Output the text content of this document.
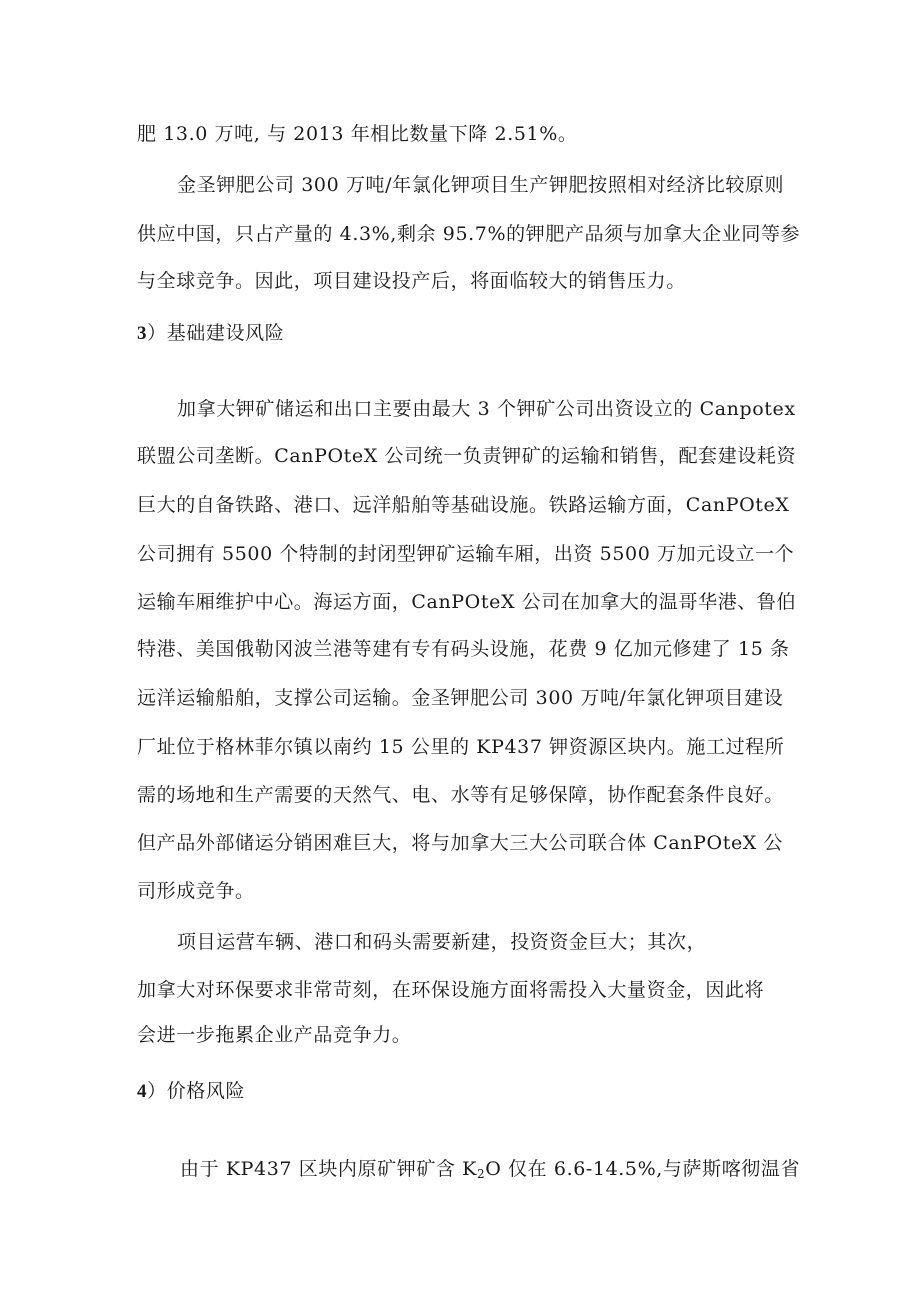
肥 13.0 万吨, 与 2013 年相比数量下降 2.51%。
金圣钾肥公司 300 万吨/年氯化钾项目生产钾肥按照相对经济比较原则
供应中国，只占产量的 4.3%,剩余 95.7%的钾肥产品须与加拿大企业同等参
与全球竞争。因此，项目建设投产后，将面临较大的销售压力。
3）基础建设风险
加拿大钾矿储运和出口主要由最大 3 个钾矿公司出资设立的 Canpotex
联盟公司垄断。CanPOteX 公司统一负责钾矿的运输和销售，配套建设耗资
巨大的自备铁路、港口、远洋船舶等基础设施。铁路运输方面，CanPOteX
公司拥有 5500 个特制的封闭型钾矿运输车厢，出资 5500 万加元设立一个
运输车厢维护中心。海运方面，CanPOteX 公司在加拿大的温哥华港、鲁伯
特港、美国俄勒冈波兰港等建有专有码头设施，花费 9 亿加元修建了 15 条
远洋运输船舶，支撑公司运输。金圣钾肥公司 300 万吨/年氯化钾项目建设
厂址位于格林菲尔镇以南约 15 公里的 KP437 钾资源区块内。施工过程所
需的场地和生产需要的天然气、电、水等有足够保障，协作配套条件良好。
但产品外部储运分销困难巨大，将与加拿大三大公司联合体 CanPOteX 公
司形成竞争。
项目运营车辆、港口和码头需要新建，投资资金巨大；其次，
加拿大对环保要求非常苛刻，在环保设施方面将需投入大量资金，因此将
会进一步拖累企业产品竞争力。
4）价格风险
由于 KP437 区块内原矿钾矿含 $K_2O$ 仅在 6.6-14.5%,与萨斯喀彻温省
